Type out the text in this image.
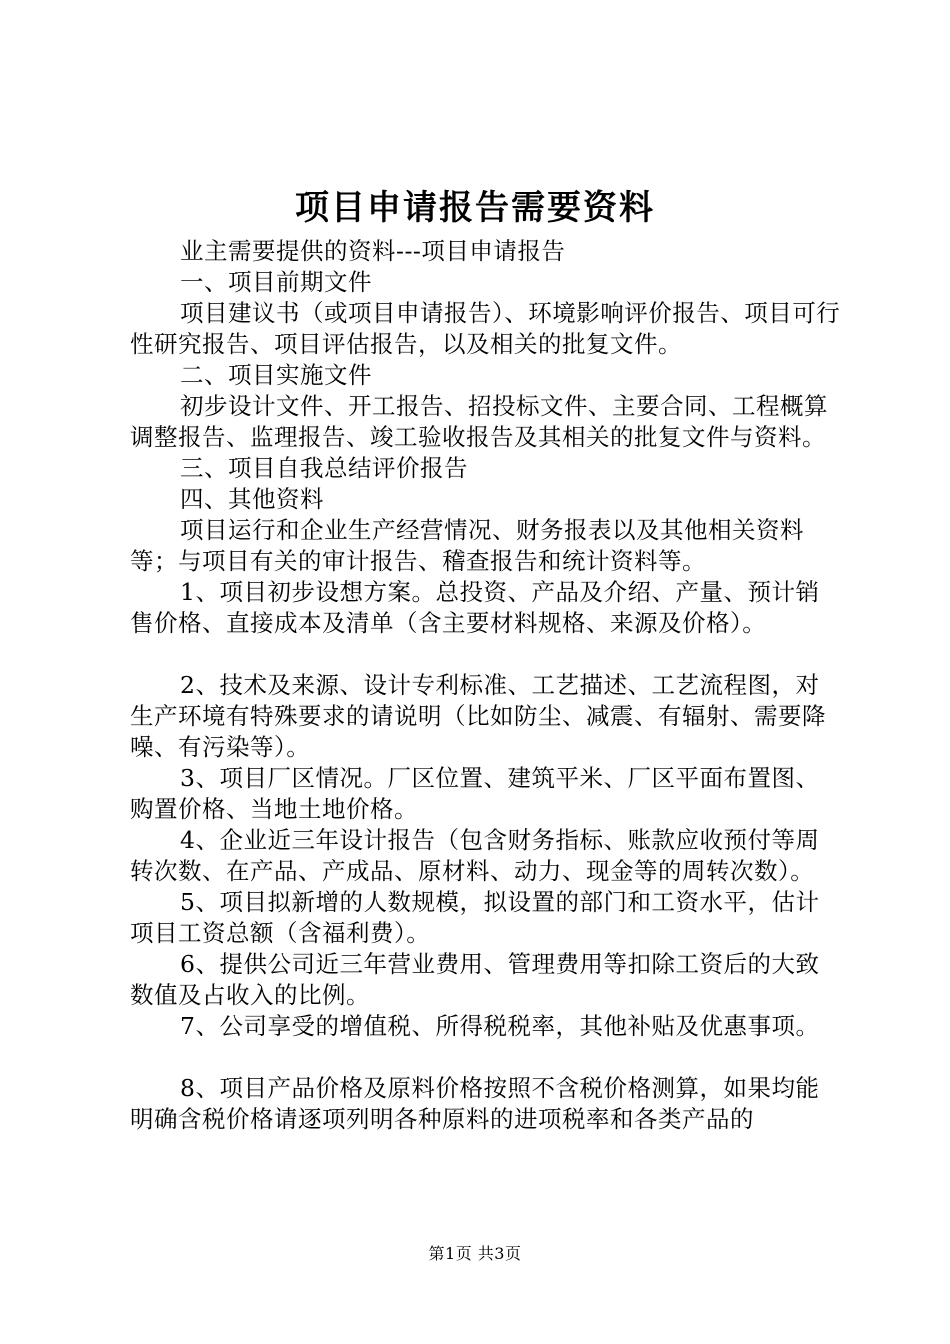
项目申请报告需要资料

业主需要提供的资料---项目申请报告

一、项目前期文件

项目建议书（或项目申请报告）、环境影响评价报告、项目可行性研究报告、项目评估报告，以及相关的批复文件。

二、项目实施文件

初步设计文件、开工报告、招投标文件、主要合同、工程概算调整报告、监理报告、竣工验收报告及其相关的批复文件与资料。

三、项目自我总结评价报告

四、其他资料

项目运行和企业生产经营情况、财务报表以及其他相关资料等；与项目有关的审计报告、稽查报告和统计资料等。

1、项目初步设想方案。总投资、产品及介绍、产量、预计销售价格、直接成本及清单（含主要材料规格、来源及价格）。

2、技术及来源、设计专利标准、工艺描述、工艺流程图，对生产环境有特殊要求的请说明（比如防尘、减震、有辐射、需要降噪、有污染等）。

3、项目厂区情况。厂区位置、建筑平米、厂区平面布置图、购置价格、当地土地价格。

4、企业近三年设计报告（包含财务指标、账款应收预付等周转次数、在产品、产成品、原材料、动力、现金等的周转次数）。

5、项目拟新增的人数规模，拟设置的部门和工资水平，估计项目工资总额（含福利费）。

6、提供公司近三年营业费用、管理费用等扣除工资后的大致数值及占收入的比例。

7、公司享受的增值税、所得税税率，其他补贴及优惠事项。

8、项目产品价格及原料价格按照不含税价格测算，如果均能明确含税价格请逐项列明各种原料的进项税率和各类产品的

第1页 共3页
